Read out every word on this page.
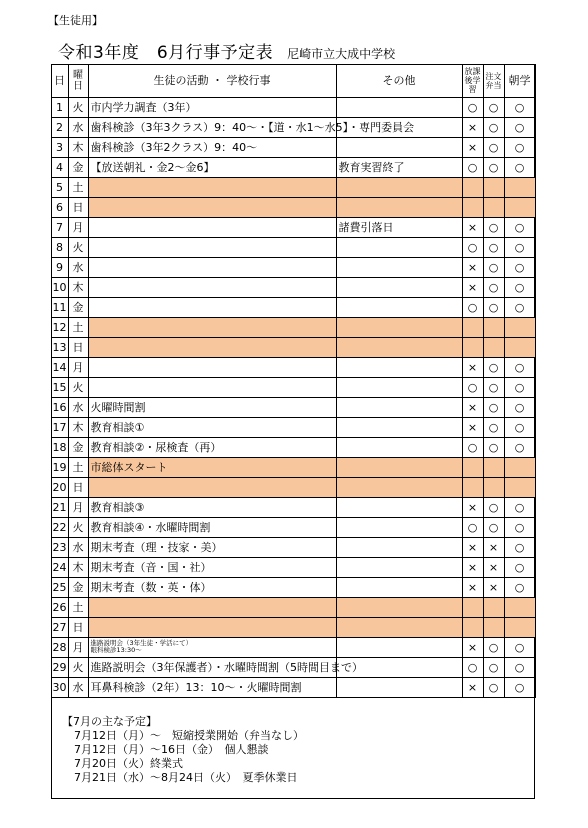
【生徒用】
令和3年度　6月行事予定表 尼崎市立大成中学校
日	曜日	生徒の活動 ・ 学校行事	その他	放課後学習	注文弁当	朝学
1	火	市内学力調査（3年）		○	○	○
2	水	歯科検診（3年3クラス）9：40～・【道・水1～水5】・専門委員会		×	○	○
3	木	歯科検診（3年2クラス）9：40～		×	○	○
4	金	【放送朝礼・金2～金6】	教育実習終了	○	○	○
5	土					
6	日					
7	月		諸費引落日	×	○	○
8	火			○	○	○
9	水			×	○	○
10	木			×	○	○
11	金			○	○	○
12	土					
13	日					
14	月			×	○	○
15	火			○	○	○
16	水	火曜時間割		×	○	○
17	木	教育相談①		×	○	○
18	金	教育相談②・尿検査（再）		○	○	○
19	土	市総体スタート				
20	日					
21	月	教育相談③		×	○	○
22	火	教育相談④・水曜時間割		○	○	○
23	水	期末考査（理・技家・美）		×	×	○
24	木	期末考査（音・国・社）		×	×	○
25	金	期末考査（数・英・体）		×	×	○
26	土					
27	日					
28	月	進路説明会（3年生徒・学活にて）
眼科検診13:30～		×	○	○
29	火	進路説明会（3年保護者）・水曜時間割（5時間目まで）		○	○	○
30	水	耳鼻科検診（2年）13：10～・火曜時間割		×	○	○
【7月の主な予定】
7月12日（月）～　短縮授業開始（弁当なし）
7月12日（月）～16日（金）　個人懇談
7月20日（火）終業式
7月21日（水）～8月24日（火）　夏季休業日
